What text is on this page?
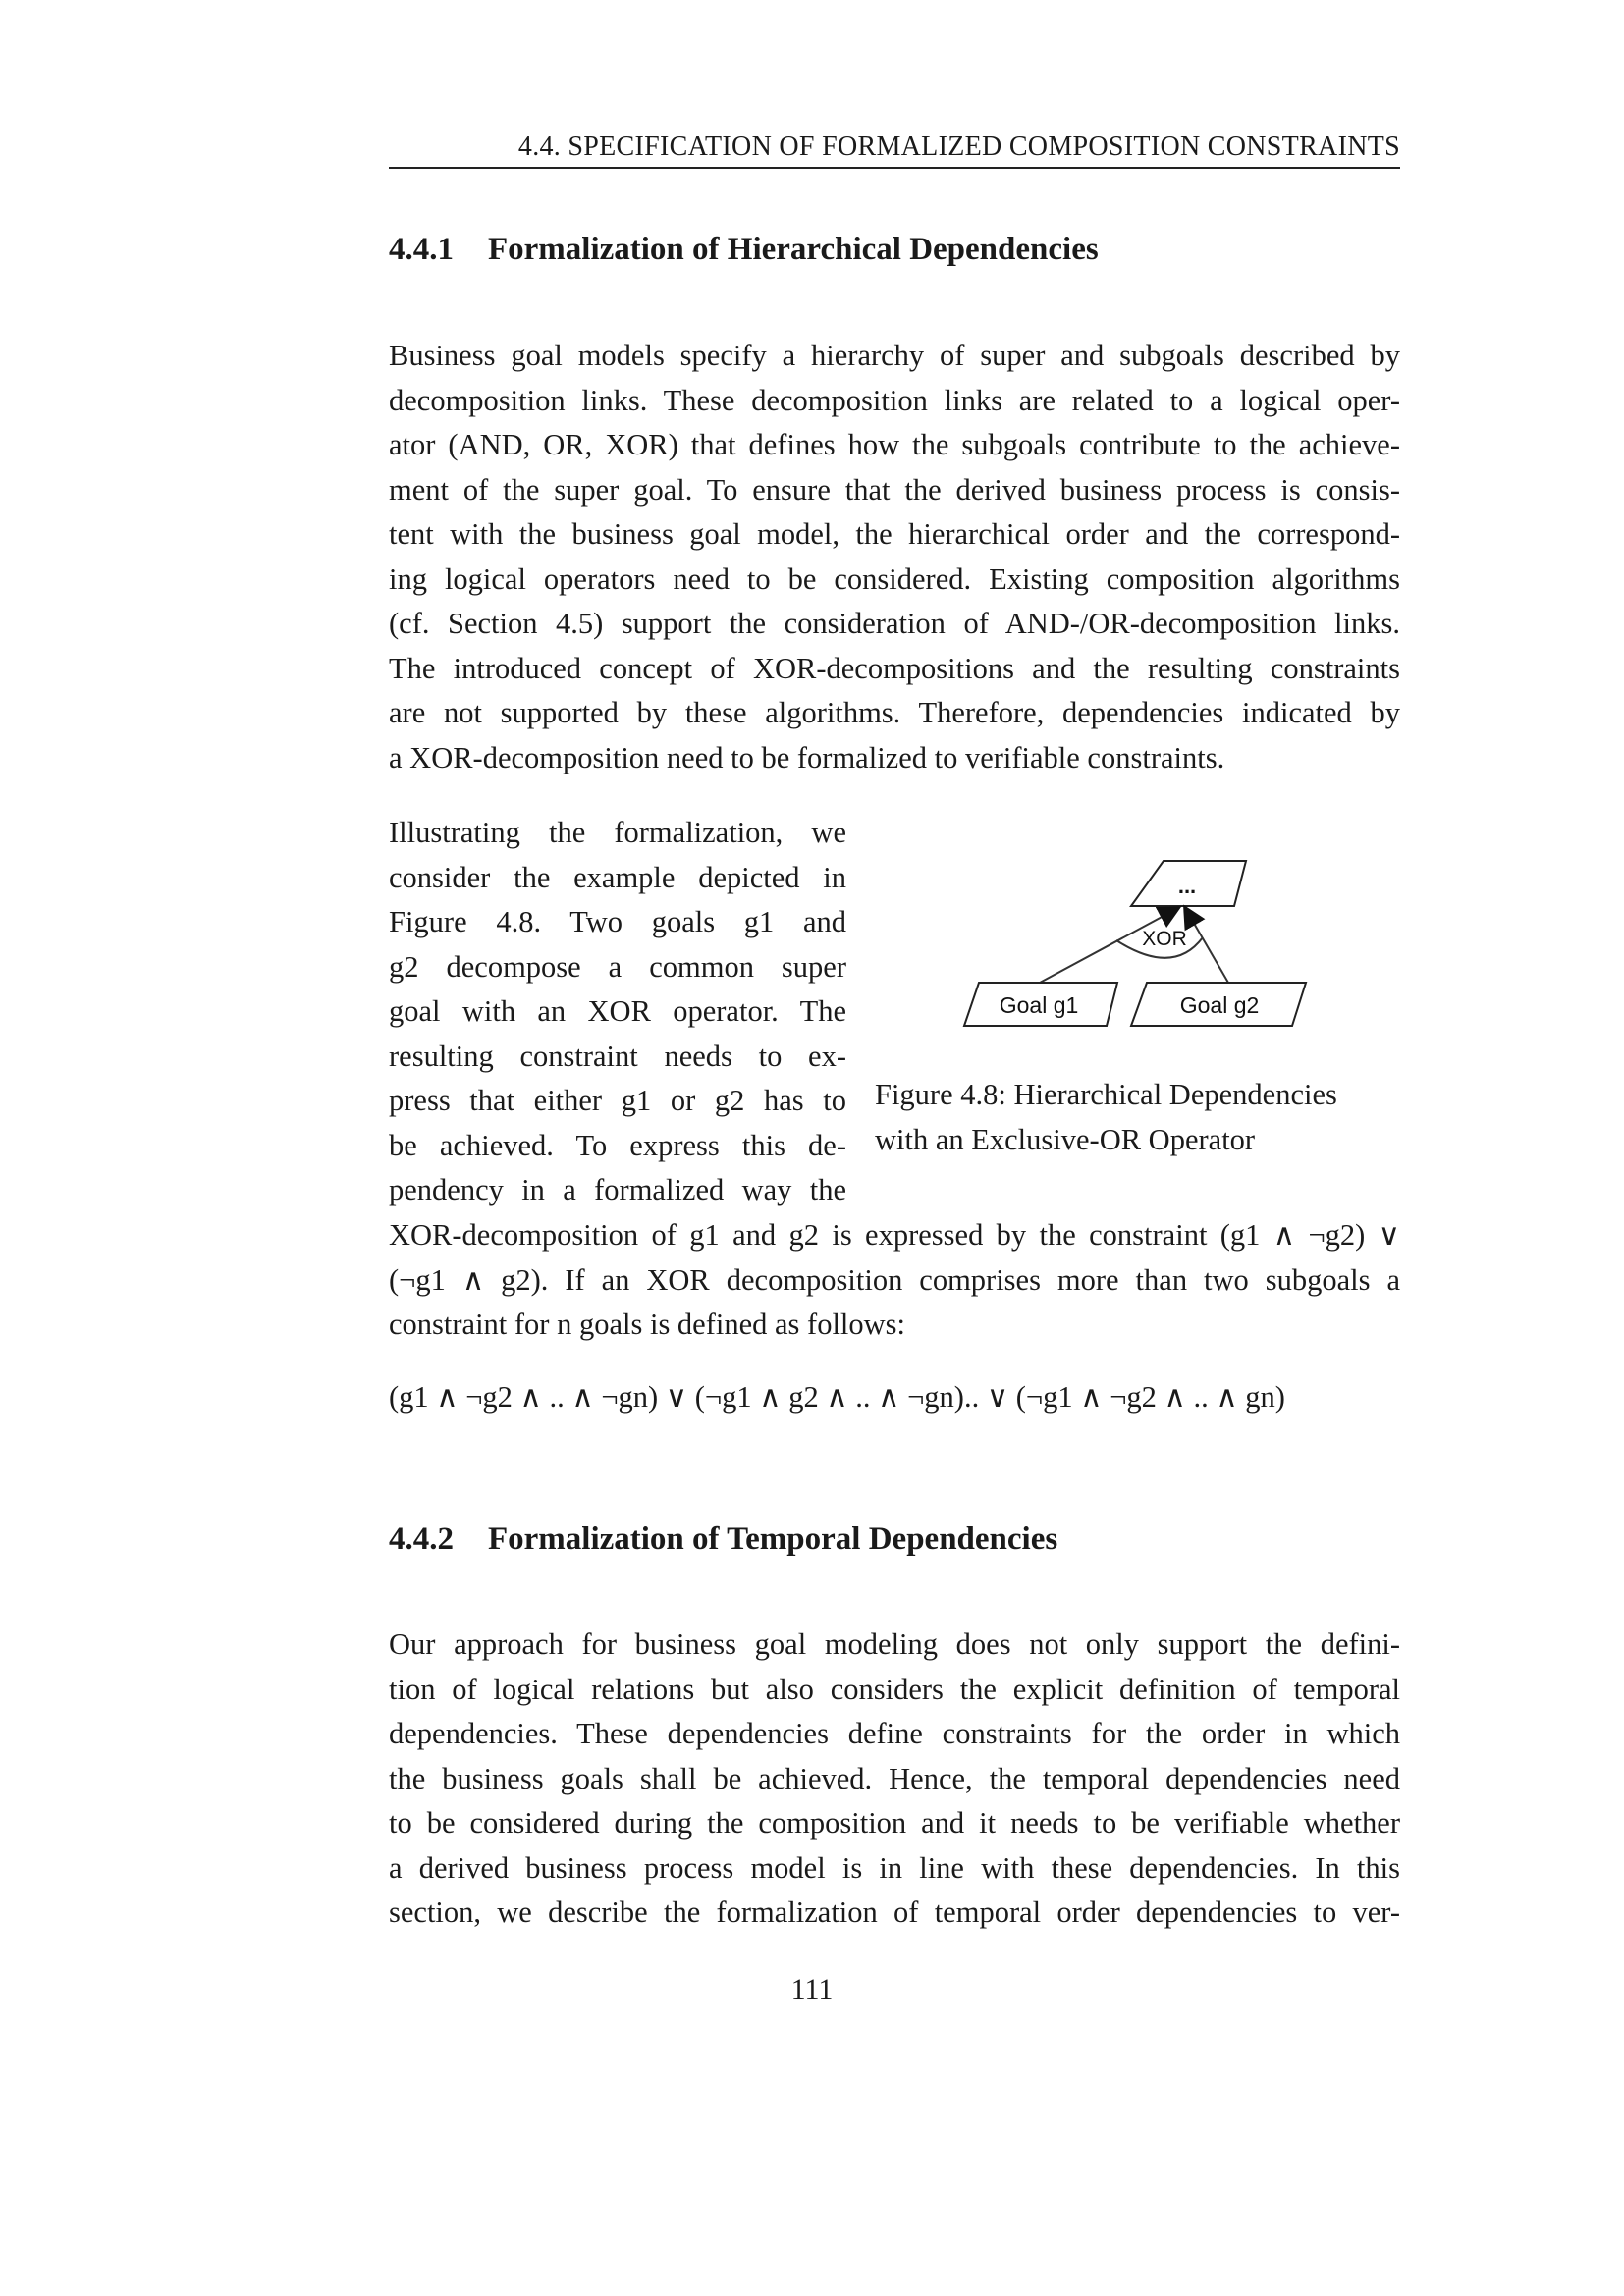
4.4. SPECIFICATION OF FORMALIZED COMPOSITION CONSTRAINTS
4.4.1 Formalization of Hierarchical Dependencies
Business goal models specify a hierarchy of super and subgoals described by
decomposition links. These decomposition links are related to a logical oper-
ator (AND, OR, XOR) that defines how the subgoals contribute to the achieve-
ment of the super goal. To ensure that the derived business process is consis-
tent with the business goal model, the hierarchical order and the correspond-
ing logical operators need to be considered. Existing composition algorithms
(cf. Section 4.5) support the consideration of AND-/OR-decomposition links.
The introduced concept of XOR-decompositions and the resulting constraints
are not supported by these algorithms. Therefore, dependencies indicated by
a XOR-decomposition need to be formalized to verifiable constraints.
Illustrating the formalization, we
consider the example depicted in
Figure 4.8. Two goals g1 and
g2 decompose a common super
goal with an XOR operator. The
resulting constraint needs to ex-
press that either g1 or g2 has to
be achieved. To express this de-
pendency in a formalized way the
...
XOR
Goal g1	Goal g2
Figure 4.8: Hierarchical Dependencies
with an Exclusive-OR Operator
XOR-decomposition of g1 and g2 is expressed by the constraint (g1 ∧ ¬g2) ∨
(¬g1 ∧ g2). If an XOR decomposition comprises more than two subgoals a
constraint for n goals is defined as follows:
(g1 ∧ ¬g2 ∧ .. ∧ ¬gn) ∨ (¬g1 ∧ g2 ∧ .. ∧ ¬gn).. ∨ (¬g1 ∧ ¬g2 ∧ .. ∧ gn)
4.4.2 Formalization of Temporal Dependencies
Our approach for business goal modeling does not only support the defini-
tion of logical relations but also considers the explicit definition of temporal
dependencies. These dependencies define constraints for the order in which
the business goals shall be achieved. Hence, the temporal dependencies need
to be considered during the composition and it needs to be verifiable whether
a derived business process model is in line with these dependencies. In this
section, we describe the formalization of temporal order dependencies to ver-
111
